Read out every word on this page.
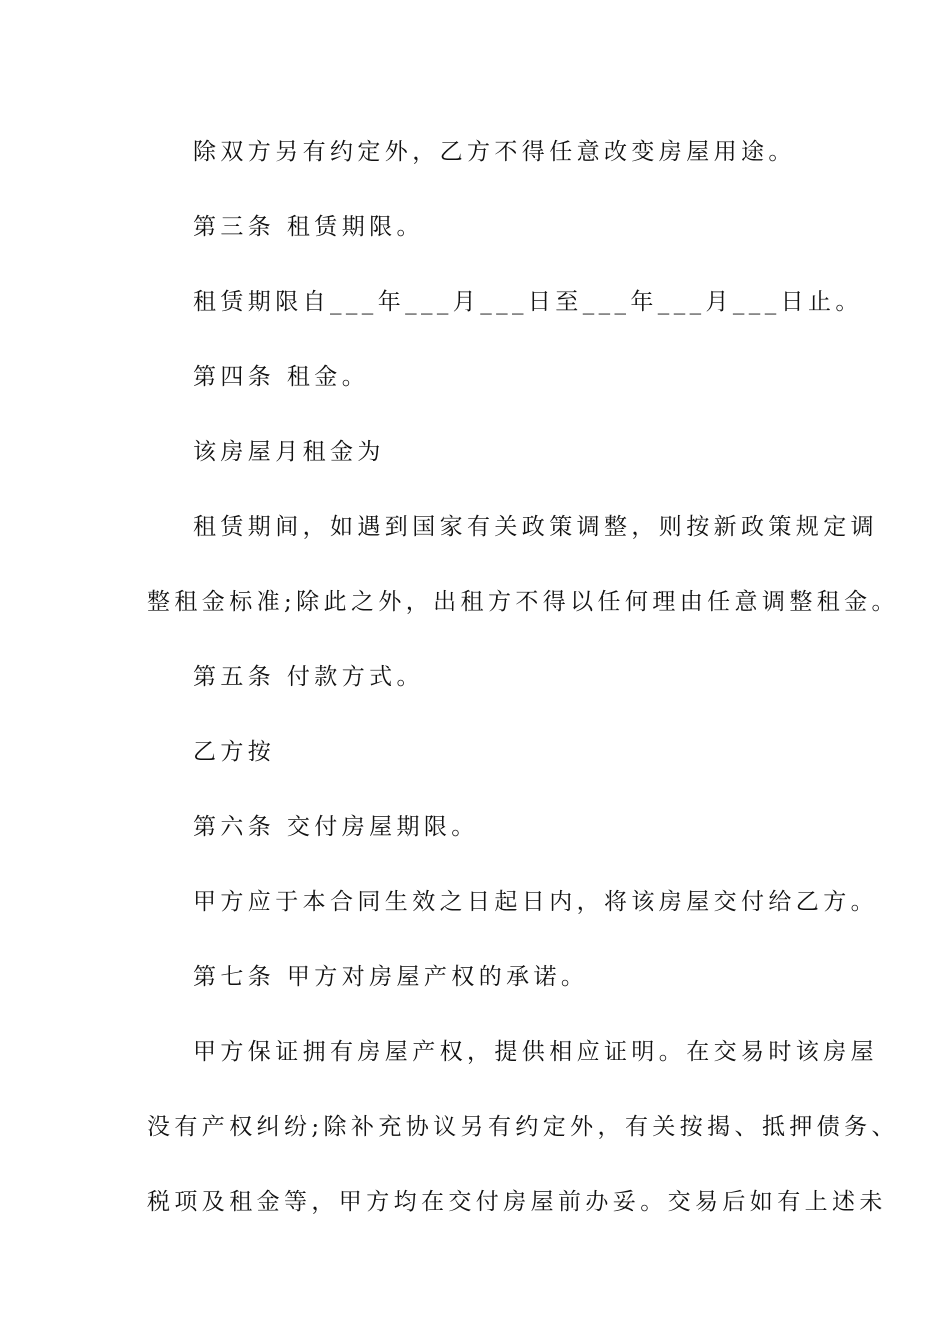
除双方另有约定外，乙方不得任意改变房屋用途。
第三条 租赁期限。
租赁期限自___年___月___日至___年___月___日止。
第四条 租金。
该房屋月租金为
租赁期间，如遇到国家有关政策调整，则按新政策规定调
整租金标准;除此之外，出租方不得以任何理由任意调整租金。
第五条 付款方式。
乙方按
第六条 交付房屋期限。
甲方应于本合同生效之日起日内，将该房屋交付给乙方。
第七条 甲方对房屋产权的承诺。
甲方保证拥有房屋产权，提供相应证明。在交易时该房屋
没有产权纠纷;除补充协议另有约定外，有关按揭、抵押债务、
税项及租金等，甲方均在交付房屋前办妥。交易后如有上述未
